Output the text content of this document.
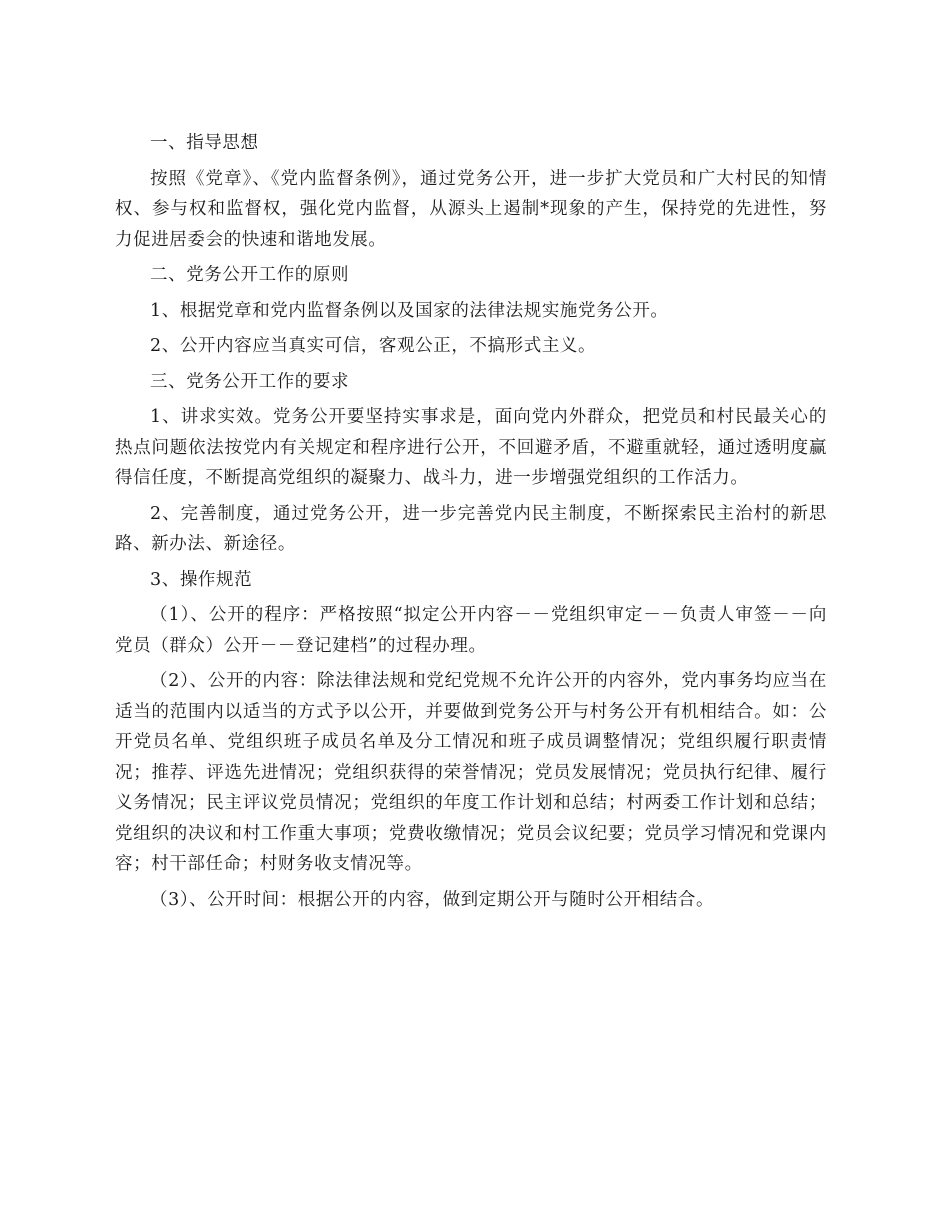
一、指导思想

按照《党章》、《党内监督条例》，通过党务公开，进一步扩大党员和广大村民的知情权、参与权和监督权，强化党内监督，从源头上遏制*现象的产生，保持党的先进性，努力促进居委会的快速和谐地发展。

二、党务公开工作的原则

1、根据党章和党内监督条例以及国家的法律法规实施党务公开。

2、公开内容应当真实可信，客观公正，不搞形式主义。

三、党务公开工作的要求

1、讲求实效。党务公开要坚持实事求是，面向党内外群众，把党员和村民最关心的热点问题依法按党内有关规定和程序进行公开，不回避矛盾，不避重就轻，通过透明度赢得信任度，不断提高党组织的凝聚力、战斗力，进一步增强党组织的工作活力。

2、完善制度，通过党务公开，进一步完善党内民主制度，不断探索民主治村的新思路、新办法、新途径。

3、操作规范

（1）、公开的程序：严格按照“拟定公开内容－－党组织审定－－负责人审签－－向党员（群众）公开－－登记建档”的过程办理。

（2）、公开的内容：除法律法规和党纪党规不允许公开的内容外，党内事务均应当在适当的范围内以适当的方式予以公开，并要做到党务公开与村务公开有机相结合。如：公开党员名单、党组织班子成员名单及分工情况和班子成员调整情况；党组织履行职责情况；推荐、评选先进情况；党组织获得的荣誉情况；党员发展情况；党员执行纪律、履行义务情况；民主评议党员情况；党组织的年度工作计划和总结；村两委工作计划和总结；党组织的决议和村工作重大事项；党费收缴情况；党员会议纪要；党员学习情况和党课内容；村干部任命；村财务收支情况等。

（3）、公开时间：根据公开的内容，做到定期公开与随时公开相结合。
